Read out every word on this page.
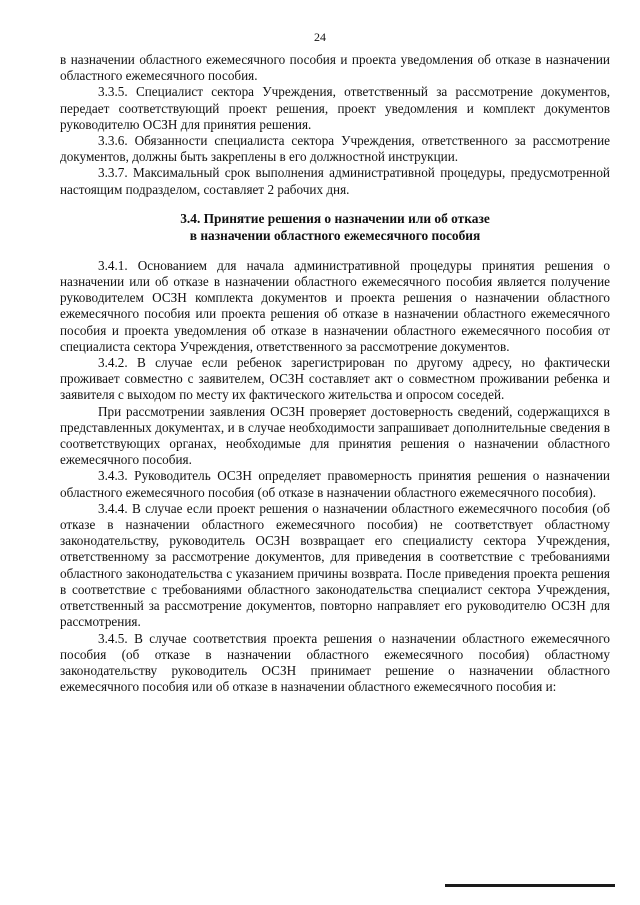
24

в назначении областного ежемесячного пособия и проекта уведомления об отказе в назначении областного ежемесячного пособия.

3.3.5. Специалист сектора Учреждения, ответственный за рассмотрение документов, передает соответствующий проект решения, проект уведомления и комплект документов руководителю ОСЗН для принятия решения.

3.3.6. Обязанности специалиста сектора Учреждения, ответственного за рассмотрение документов, должны быть закреплены в его должностной инструкции.

3.3.7. Максимальный срок выполнения административной процедуры, предусмотренной настоящим подразделом, составляет 2 рабочих дня.

3.4. Принятие решения о назначении или об отказе
в назначении областного ежемесячного пособия

3.4.1. Основанием для начала административной процедуры принятия решения о назначении или об отказе в назначении областного ежемесячного пособия является получение руководителем ОСЗН комплекта документов и проекта решения о назначении областного ежемесячного пособия или проекта решения об отказе в назначении областного ежемесячного пособия и проекта уведомления об отказе в назначении областного ежемесячного пособия от специалиста сектора Учреждения, ответственного за рассмотрение документов.

3.4.2. В случае если ребенок зарегистрирован по другому адресу, но фактически проживает совместно с заявителем, ОСЗН составляет акт о совместном проживании ребенка и заявителя с выходом по месту их фактического жительства и опросом соседей.

При рассмотрении заявления ОСЗН проверяет достоверность сведений, содержащихся в представленных документах, и в случае необходимости запрашивает дополнительные сведения в соответствующих органах, необходимые для принятия решения о назначении областного ежемесячного пособия.

3.4.3. Руководитель ОСЗН определяет правомерность принятия решения о назначении областного ежемесячного пособия (об отказе в назначении областного ежемесячного пособия).

3.4.4. В случае если проект решения о назначении областного ежемесячного пособия (об отказе в назначении областного ежемесячного пособия) не соответствует областному законодательству, руководитель ОСЗН возвращает его специалисту сектора Учреждения, ответственному за рассмотрение документов, для приведения в соответствие с требованиями областного законодательства с указанием причины возврата. После приведения проекта решения в соответствие с требованиями областного законодательства специалист сектора Учреждения, ответственный за рассмотрение документов, повторно направляет его руководителю ОСЗН для рассмотрения.

3.4.5. В случае соответствия проекта решения о назначении областного ежемесячного пособия (об отказе в назначении областного ежемесячного пособия) областному законодательству руководитель ОСЗН принимает решение о назначении областного ежемесячного пособия или об отказе в назначении областного ежемесячного пособия и:
